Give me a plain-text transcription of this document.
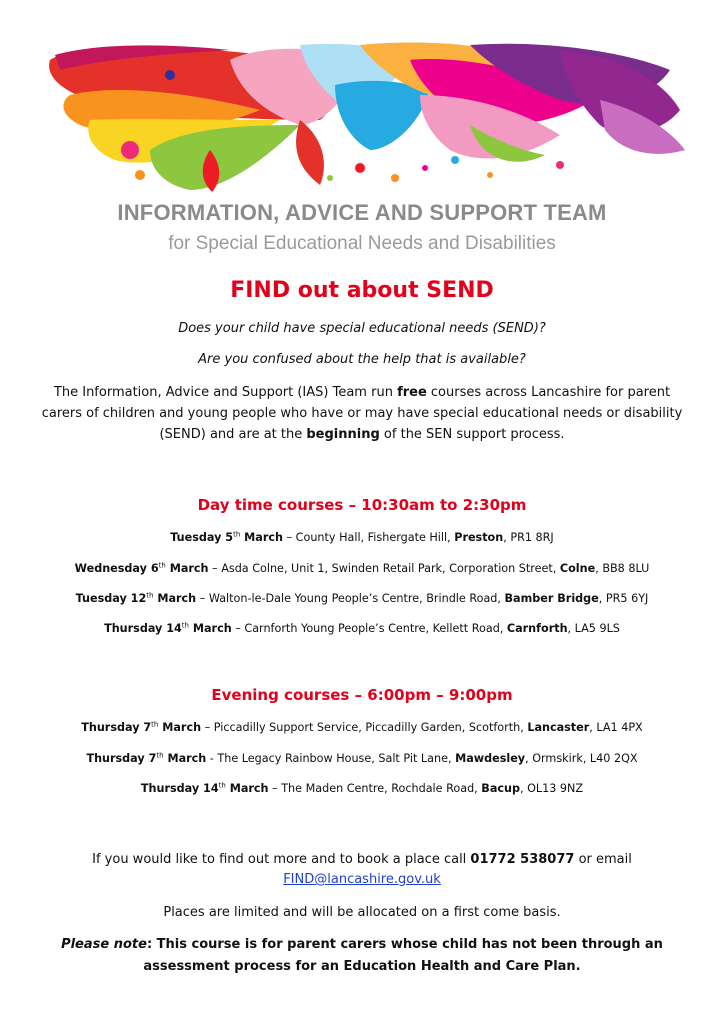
INFORMATION, ADVICE AND SUPPORT TEAM
for Special Educational Needs and Disabilities
FIND out about SEND
Does your child have special educational needs (SEND)?
Are you confused about the help that is available?
The Information, Advice and Support (IAS) Team run free courses across Lancashire for parent carers of children and young people who have or may have special educational needs or disability (SEND) and are at the beginning of the SEN support process.
Day time courses – 10:30am to 2:30pm
Tuesday 5th March – County Hall, Fishergate Hill, Preston, PR1 8RJ
Wednesday 6th March – Asda Colne, Unit 1, Swinden Retail Park, Corporation Street, Colne, BB8 8LU
Tuesday 12th March – Walton-le-Dale Young People’s Centre, Brindle Road, Bamber Bridge, PR5 6YJ
Thursday 14th March – Carnforth Young People’s Centre, Kellett Road, Carnforth, LA5 9LS
Evening courses – 6:00pm – 9:00pm
Thursday 7th March – Piccadilly Support Service, Piccadilly Garden, Scotforth, Lancaster, LA1 4PX
Thursday 7th March - The Legacy Rainbow House, Salt Pit Lane, Mawdesley, Ormskirk, L40 2QX
Thursday 14th March – The Maden Centre, Rochdale Road, Bacup, OL13 9NZ
If you would like to find out more and to book a place call 01772 538077 or email
FIND@lancashire.gov.uk
Places are limited and will be allocated on a first come basis.
Please note: This course is for parent carers whose child has not been through an assessment process for an Education Health and Care Plan.
